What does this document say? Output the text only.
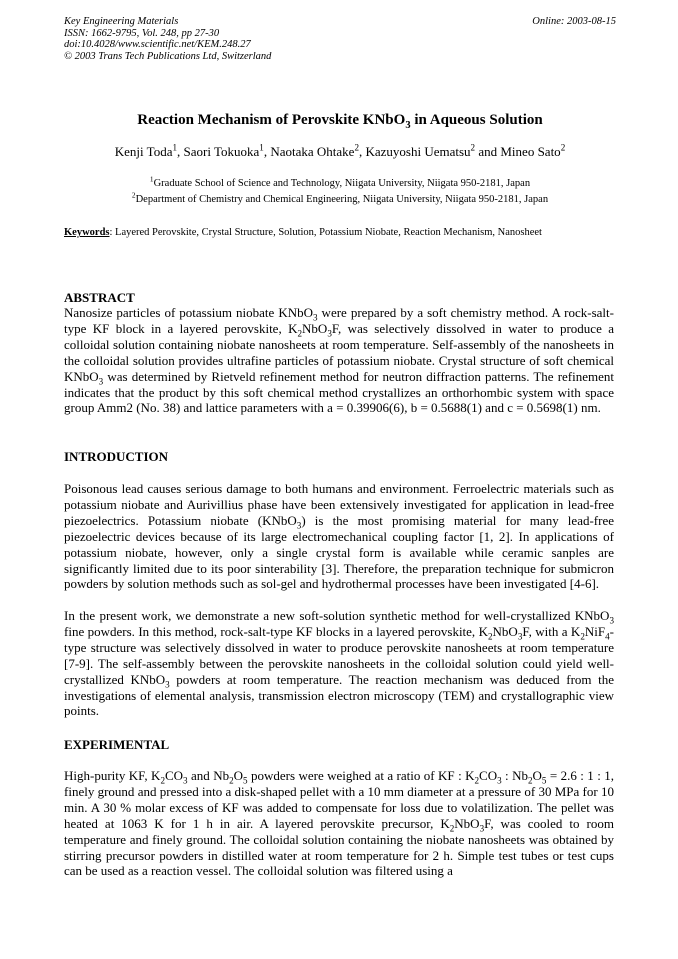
Key Engineering Materials
ISSN: 1662-9795, Vol. 248, pp 27-30
doi:10.4028/www.scientific.net/KEM.248.27
© 2003 Trans Tech Publications Ltd, Switzerland
Online: 2003-08-15
Reaction Mechanism of Perovskite KNbO$_3$ in Aqueous Solution
Kenji Toda$^1$, Saori Tokuoka$^1$, Naotaka Ohtake$^2$, Kazuyoshi Uematsu$^2$ and Mineo Sato$^2$
$^1$Graduate School of Science and Technology, Niigata University, Niigata 950-2181, Japan
$^2$Department of Chemistry and Chemical Engineering, Niigata University, Niigata 950-2181, Japan
Keywords: Layered Perovskite, Crystal Structure, Solution, Potassium Niobate, Reaction Mechanism, Nanosheet
ABSTRACT

Nanosize particles of potassium niobate KNbO$_3$ were prepared by a soft chemistry method. A rock-salt-type KF block in a layered perovskite, $K_2NbO_3F$, was selectively dissolved in water to produce a colloidal solution containing niobate nanosheets at room temperature. Self-assembly of the nanosheets in the colloidal solution provides ultrafine particles of potassium niobate. Crystal structure of soft chemical KNbO$_3$ was determined by Rietveld refinement method for neutron diffraction patterns. The refinement indicates that the product by this soft chemical method crystallizes an orthorhombic system with space group Amm2 (No. 38) and lattice parameters with a = 0.39906(6), b = 0.5688(1) and c = 0.5698(1) nm.

INTRODUCTION

Poisonous lead causes serious damage to both humans and environment. Ferroelectric materials such as potassium niobate and Aurivillius phase have been extensively investigated for application in lead-free piezoelectrics. Potassium niobate (KNbO$_3$) is the most promising material for many lead-free piezoelectric devices because of its large electromechanical coupling factor [1, 2]. In applications of potassium niobate, however, only a single crystal form is available while ceramic sanples are significantly limited due to its poor sinterability [3]. Therefore, the preparation technique for submicron powders by solution methods such as sol-gel and hydrothermal processes have been investigated [4-6].

In the present work, we demonstrate a new soft-solution synthetic method for well-crystallized KNbO$_3$ fine powders. In this method, rock-salt-type KF blocks in a layered perovskite, $K_2NbO_3F$, with a $K_2NiF_4$-type structure was selectively dissolved in water to produce perovskite nanosheets at room temperature [7-9]. The self-assembly between the perovskite nanosheets in the colloidal solution could yield well-crystallized KNbO$_3$ powders at room temperature. The reaction mechanism was deduced from the investigations of elemental analysis, transmission electron microscopy (TEM) and crystallographic view points.

EXPERIMENTAL

High-purity KF, $K_2CO_3$ and $Nb_2O_5$ powders were weighed at a ratio of KF : $K_2CO_3$ : $Nb_2O_5 = 2.6$ : 1 : 1, finely ground and pressed into a disk-shaped pellet with a 10 mm diameter at a pressure of 30 MPa for 10 min. A 30 % molar excess of KF was added to compensate for loss due to volatilization. The pellet was heated at 1063 K for 1 h in air. A layered perovskite precursor, $K_2NbO_3F$, was cooled to room temperature and finely ground. The colloidal solution containing the niobate nanosheets was obtained by stirring precursor powders in distilled water at room temperature for 2 h. Simple test tubes or test cups can be used as a reaction vessel. The colloidal solution was filtered using a
